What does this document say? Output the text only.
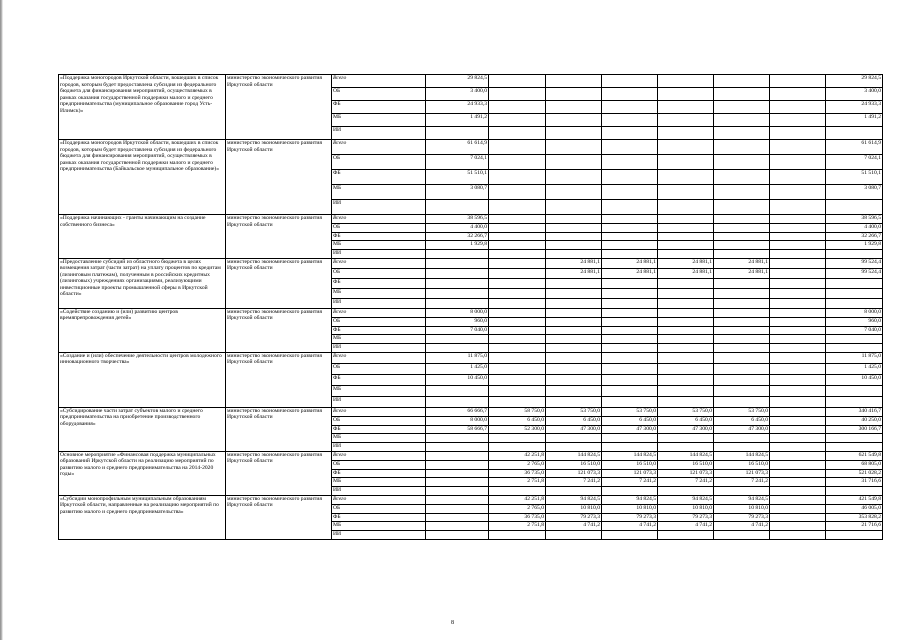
«Поддержка моногородов Иркутской области, вошедших в список городов, которым будет предоставлена субсидия из федерального бюджета для финансирования мероприятий, осуществляемых в рамках оказания государственной поддержки малого и среднего предпринимательства (муниципальное образование город Усть-Илимск)»	министерство экономического развития Иркутской области	Всего	29 824,5							29 824,5
		ОБ	3 400,0							3 400,0
		ФБ	24 933,3							24 933,3
		МБ	1 491,2							1 491,2
		ИИ								
«Поддержка моногородов Иркутской области, вошедших в список городов, которым будет предоставлена субсидия из федерального бюджета для финансирования мероприятий, осуществляемых в рамках оказания государственной поддержки малого и среднего предпринимательства (Байкальское муниципальное образование)»	министерство экономического развития Иркутской области	Всего	61 614,9							61 614,9
		ОБ	7 024,1							7 024,1
		ФБ	51 510,1							51 510,1
		МБ	3 080,7							3 080,7
		ИИ								
«Поддержка начинающих - гранты начинающим на создание собственного бизнеса»	министерство экономического развития Иркутской области	Всего	38 596,5							38 596,5
		ОБ	4 400,0							4 400,0
		ФБ	32 266,7							32 266,7
		МБ	1 929,8							1 929,8
		ИИ								
«Предоставление субсидий из областного бюджета в целях возмещения затрат (части затрат) на уплату процентов по кредитам (лизинговым платежам), полученным в российских кредитных (лизинговых) учреждениях организациями, реализующими инвестиционные проекты промышленной сферы в Иркутской области»	министерство экономического развития Иркутской области	Всего			24 881,1	24 881,1	24 881,1	24 881,1		99 524,4
		ОБ			24 881,1	24 881,1	24 881,1	24 881,1		99 524,4
		ФБ								
		МБ								
		ИИ								
«Содействие созданию и (или) развитию центров времяпрепровождения детей»	министерство экономического развития Иркутской области	Всего	8 000,0							8 000,0
		ОБ	960,0							960,0
		ФБ	7 040,0							7 040,0
		МБ								
		ИИ								
«Создание и (или) обеспечение деятельности центров молодежного инновационного творчества»	министерство экономического развития Иркутской области	Всего	11 875,0							11 875,0
		ОБ	1 425,0							1 425,0
		ФБ	10 450,0							10 450,0
		МБ								
		ИИ								
«Субсидирование части затрат субъектов малого и среднего предпринимательства на приобретение производственного оборудования»	министерство экономического развития Иркутской области	Всего	66 666,7	58 750,0	53 750,0	53 750,0	53 750,0	53 750,0		340 416,7
		ОБ	8 000,0	6 450,0	6 450,0	6 450,0	6 450,0	6 450,0		40 250,0
		ФБ	58 666,7	52 300,0	47 300,0	47 300,0	47 300,0	47 300,0		300 166,7
		МБ								
		ИИ								
Основное мероприятие «Финансовая поддержка муниципальных образований Иркутской области на реализацию мероприятий по развитию малого и среднего предпринимательства на 2014-2020 годы»	министерство экономического развития Иркутской области	Всего		42 251,8	144 824,5	144 824,5	144 824,5	144 824,5		621 549,8
		ОБ		2 765,0	16 510,0	16 510,0	16 510,0	16 510,0		68 805,0
		ФБ		36 735,0	121 073,3	121 073,3	121 073,3	121 073,3		521 028,2
		МБ		2 751,8	7 241,2	7 241,2	7 241,2	7 241,2		31 716,6
		ИИ								
«Субсидии монопрофильным муниципальным образованиям Иркутской области, направленные на реализацию мероприятий по развитию малого и среднего предпринимательства»	министерство экономического развития Иркутской области	Всего		42 251,8	94 824,5	94 824,5	94 824,5	94 824,5		421 549,8
		ОБ		2 765,0	10 810,0	10 810,0	10 810,0	10 810,0		46 005,0
		ФБ		36 735,0	79 273,3	79 273,3	79 273,3	79 273,3		353 828,2
		МБ		2 751,8	4 741,2	4 741,2	4 741,2	4 741,2		21 716,6
		ИИ								
8
